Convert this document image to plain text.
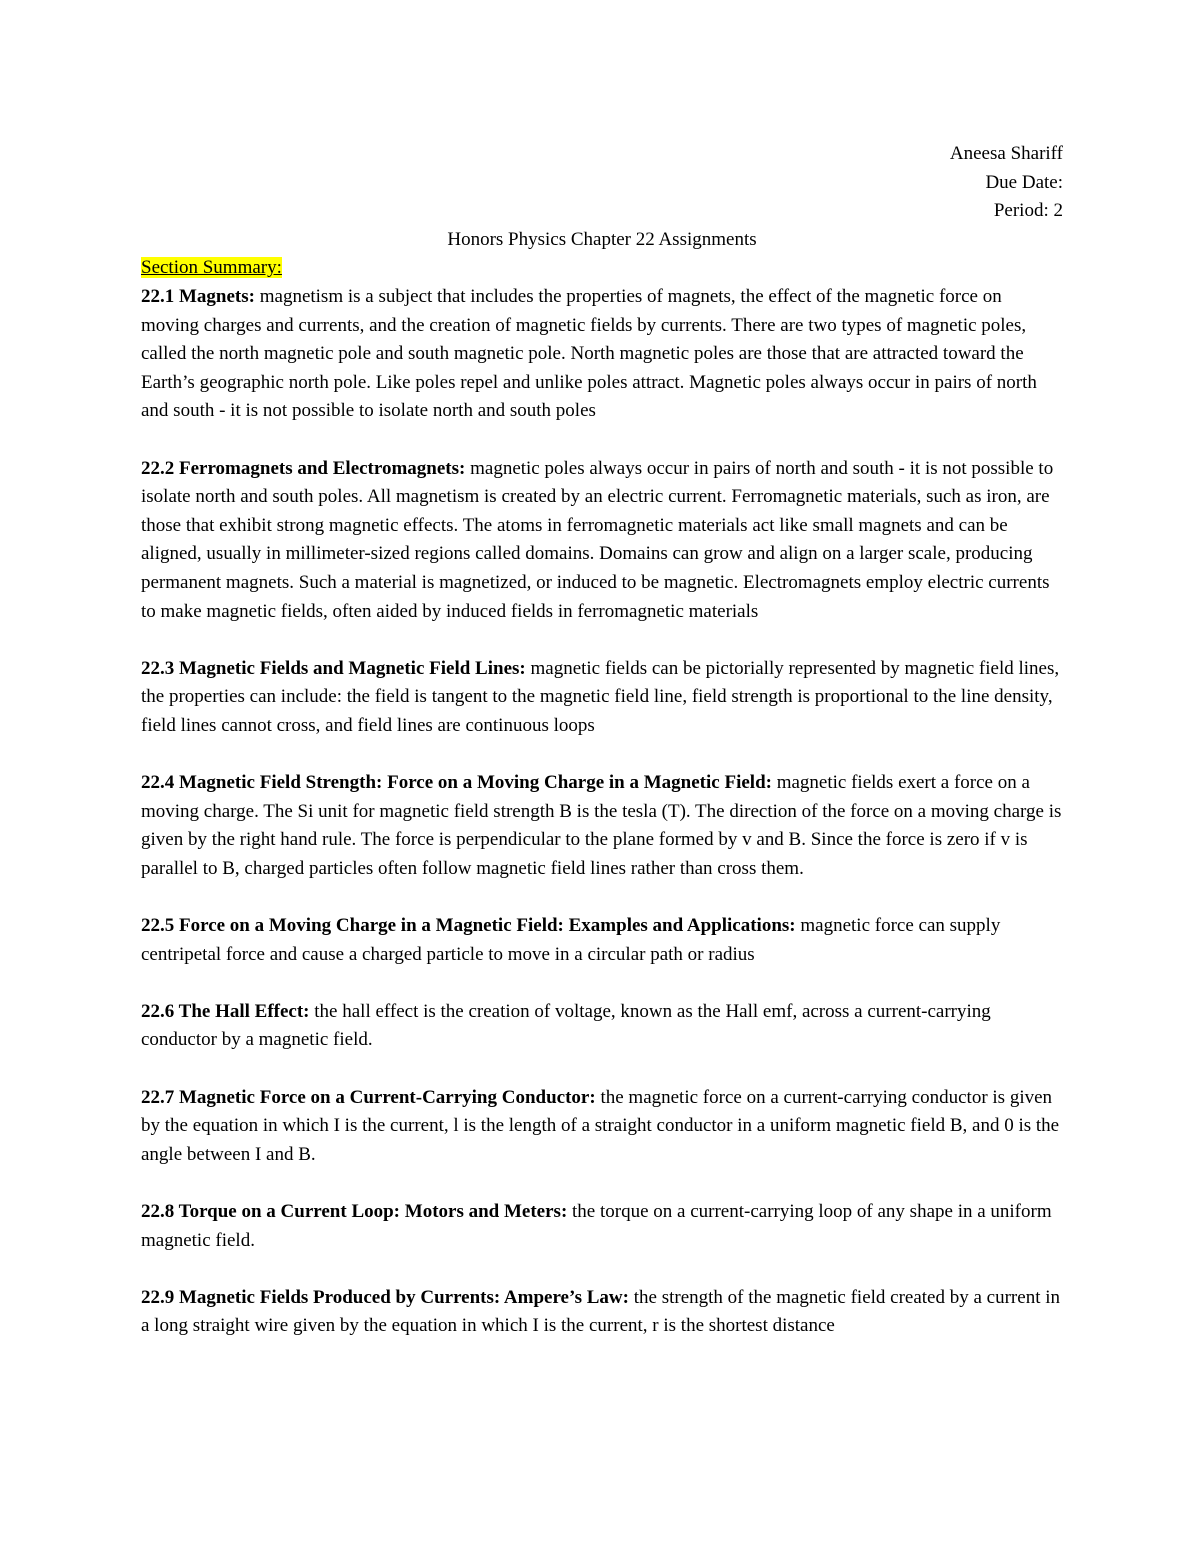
Aneesa Shariff

Due Date:

Period: 2

Honors Physics Chapter 22 Assignments

Section Summary:

22.1 Magnets: magnetism is a subject that includes the properties of magnets, the effect of the magnetic force on moving charges and currents, and the creation of magnetic fields by currents. There are two types of magnetic poles, called the north magnetic pole and south magnetic pole. North magnetic poles are those that are attracted toward the Earth’s geographic north pole. Like poles repel and unlike poles attract. Magnetic poles always occur in pairs of north and south - it is not possible to isolate north and south poles

22.2 Ferromagnets and Electromagnets: magnetic poles always occur in pairs of north and south - it is not possible to isolate north and south poles. All magnetism is created by an electric current. Ferromagnetic materials, such as iron, are those that exhibit strong magnetic effects. The atoms in ferromagnetic materials act like small magnets and can be aligned, usually in millimeter-sized regions called domains. Domains can grow and align on a larger scale, producing permanent magnets. Such a material is magnetized, or induced to be magnetic. Electromagnets employ electric currents to make magnetic fields, often aided by induced fields in ferromagnetic materials

22.3 Magnetic Fields and Magnetic Field Lines: magnetic fields can be pictorially represented by magnetic field lines, the properties can include: the field is tangent to the magnetic field line, field strength is proportional to the line density, field lines cannot cross, and field lines are continuous loops

22.4 Magnetic Field Strength: Force on a Moving Charge in a Magnetic Field: magnetic fields exert a force on a moving charge. The Si unit for magnetic field strength B is the tesla (T). The direction of the force on a moving charge is given by the right hand rule. The force is perpendicular to the plane formed by v and B. Since the force is zero if v is parallel to B, charged particles often follow magnetic field lines rather than cross them.

22.5 Force on a Moving Charge in a Magnetic Field: Examples and Applications: magnetic force can supply centripetal force and cause a charged particle to move in a circular path or radius

22.6 The Hall Effect: the hall effect is the creation of voltage, known as the Hall emf, across a current-carrying conductor by a magnetic field.

22.7 Magnetic Force on a Current-Carrying Conductor: the magnetic force on a current-carrying conductor is given by the equation in which I is the current, l is the length of a straight conductor in a uniform magnetic field B, and 0 is the angle between I and B.

22.8 Torque on a Current Loop: Motors and Meters: the torque on a current-carrying loop of any shape in a uniform magnetic field.

22.9 Magnetic Fields Produced by Currents: Ampere’s Law: the strength of the magnetic field created by a current in a long straight wire given by the equation in which I is the current, r is the shortest distance
